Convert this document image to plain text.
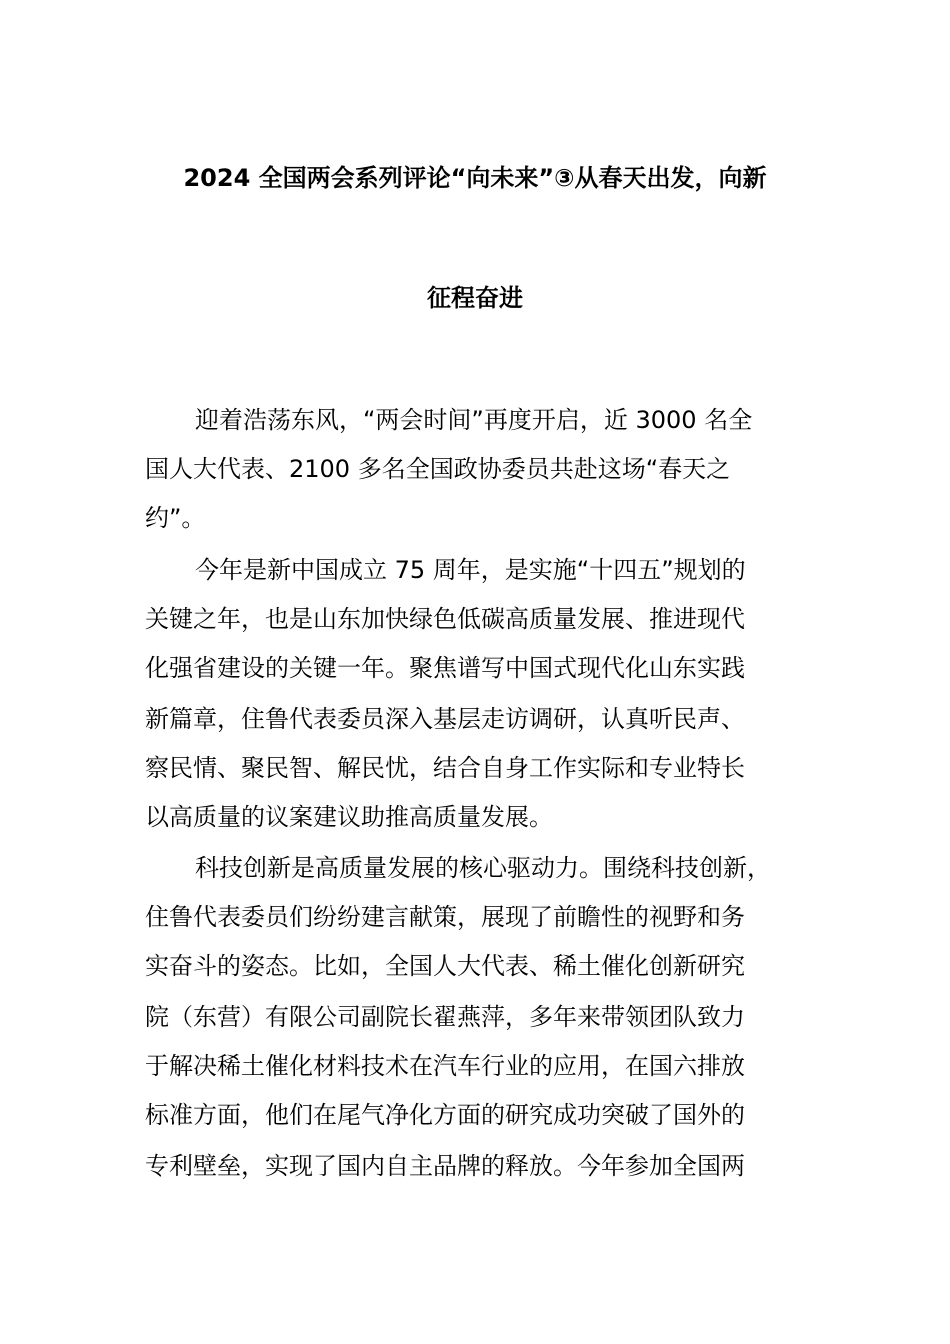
2024 全国两会系列评论“向未来”③从春天出发，向新
征程奋进
迎着浩荡东风，“两会时间”再度开启，近 3000 名全
国人大代表、2100 多名全国政协委员共赴这场“春天之
约”。
今年是新中国成立 75 周年，是实施“十四五”规划的
关键之年，也是山东加快绿色低碳高质量发展、推进现代
化强省建设的关键一年。聚焦谱写中国式现代化山东实践
新篇章，住鲁代表委员深入基层走访调研，认真听民声、
察民情、聚民智、解民忧，结合自身工作实际和专业特长
以高质量的议案建议助推高质量发展。
科技创新是高质量发展的核心驱动力。围绕科技创新，
住鲁代表委员们纷纷建言献策，展现了前瞻性的视野和务
实奋斗的姿态。比如，全国人大代表、稀土催化创新研究
院（东营）有限公司副院长翟燕萍，多年来带领团队致力
于解决稀土催化材料技术在汽车行业的应用，在国六排放
标准方面，他们在尾气净化方面的研究成功突破了国外的
专利壁垒，实现了国内自主品牌的释放。今年参加全国两
